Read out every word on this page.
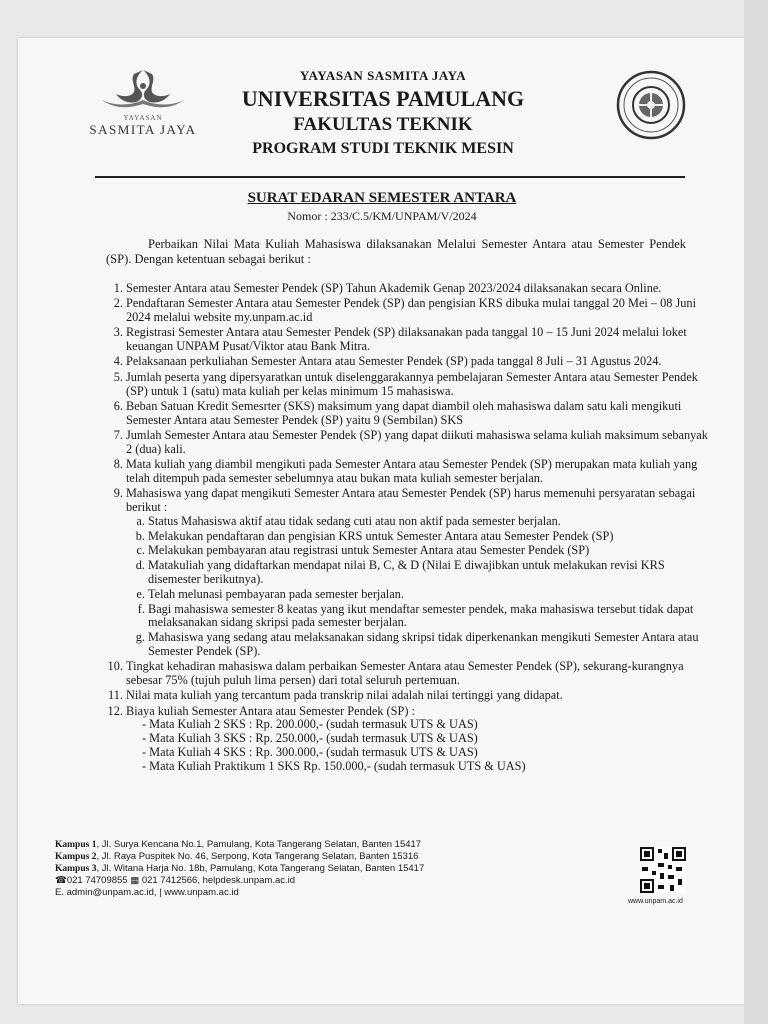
YAYASAN
SASMITA JAYA
YAYASAN SASMITA JAYA
UNIVERSITAS PAMULANG
FAKULTAS TEKNIK
PROGRAM STUDI TEKNIK MESIN
SURAT EDARAN SEMESTER ANTARA
Nomor : 233/C.5/KM/UNPAM/V/2024
Perbaikan Nilai Mata Kuliah Mahasiswa dilaksanakan Melalui Semester Antara atau Semester Pendek (SP). Dengan ketentuan sebagai berikut :
1. Semester Antara atau Semester Pendek (SP) Tahun Akademik Genap 2023/2024 dilaksanakan secara Online.
2. Pendaftaran Semester Antara atau Semester Pendek (SP) dan pengisian KRS dibuka mulai tanggal 20 Mei – 08 Juni 2024 melalui website my.unpam.ac.id
3. Registrasi Semester Antara atau Semester Pendek (SP) dilaksanakan pada tanggal 10 – 15 Juni 2024 melalui loket keuangan UNPAM Pusat/Viktor atau Bank Mitra.
4. Pelaksanaan perkuliahan Semester Antara atau Semester Pendek (SP) pada tanggal 8 Juli – 31 Agustus 2024.
5. Jumlah peserta yang dipersyaratkan untuk diselenggarakannya pembelajaran Semester Antara atau Semester Pendek (SP) untuk 1 (satu) mata kuliah per kelas minimum 15 mahasiswa.
6. Beban Satuan Kredit Semesrter (SKS) maksimum yang dapat diambil oleh mahasiswa dalam satu kali mengikuti Semester Antara atau Semester Pendek (SP) yaitu 9 (Sembilan) SKS
7. Jumlah Semester Antara atau Semester Pendek (SP) yang dapat diikuti mahasiswa selama kuliah maksimum sebanyak 2 (dua) kali.
8. Mata kuliah yang diambil mengikuti pada Semester Antara atau Semester Pendek (SP) merupakan mata kuliah yang telah ditempuh pada semester sebelumnya atau bukan mata kuliah semester berjalan.
9. Mahasiswa yang dapat mengikuti Semester Antara atau Semester Pendek (SP) harus memenuhi persyaratan sebagai berikut :
a. Status Mahasiswa aktif atau tidak sedang cuti atau non aktif pada semester berjalan.
b. Melakukan pendaftaran dan pengisian KRS untuk Semester Antara atau Semester Pendek (SP)
c. Melakukan pembayaran atau registrasi untuk Semester Antara atau Semester Pendek (SP)
d. Matakuliah yang didaftarkan mendapat nilai B, C, & D (Nilai E diwajibkan untuk melakukan revisi KRS disemester berikutnya).
e. Telah melunasi pembayaran pada semester berjalan.
f. Bagi mahasiswa semester 8 keatas yang ikut mendaftar semester pendek, maka mahasiswa tersebut tidak dapat melaksanakan sidang skripsi pada semester berjalan.
g. Mahasiswa yang sedang atau melaksanakan sidang skripsi tidak diperkenankan mengikuti Semester Antara atau Semester Pendek (SP).
10. Tingkat kehadiran mahasiswa dalam perbaikan Semester Antara atau Semester Pendek (SP), sekurang-kurangnya sebesar 75% (tujuh puluh lima persen) dari total seluruh pertemuan.
11. Nilai mata kuliah yang tercantum pada transkrip nilai adalah nilai tertinggi yang didapat.
12. Biaya kuliah Semester Antara atau Semester Pendek (SP) :
- Mata Kuliah 2 SKS : Rp. 200.000,- (sudah termasuk UTS & UAS)
- Mata Kuliah 3 SKS : Rp. 250.000,- (sudah termasuk UTS & UAS)
- Mata Kuliah 4 SKS : Rp. 300.000,- (sudah termasuk UTS & UAS)
- Mata Kuliah Praktikum 1 SKS Rp. 150.000,- (sudah termasuk UTS & UAS)
Kampus 1, Jl. Surya Kencana No.1, Pamulang, Kota Tangerang Selatan, Banten 15417
Kampus 2, Jl. Raya Puspitek No. 46, Serpong, Kota Tangerang Selatan, Banten 15316
Kampus 3, Jl. Witana Harja No. 18b, Pamulang, Kota Tangerang Selatan, Banten 15417
☎021 74709855 ▦ 021 7412566, helpdesk.unpam.ac.id
E. admin@unpam.ac.id, | www.unpam.ac.id
www.unpam.ac.id
